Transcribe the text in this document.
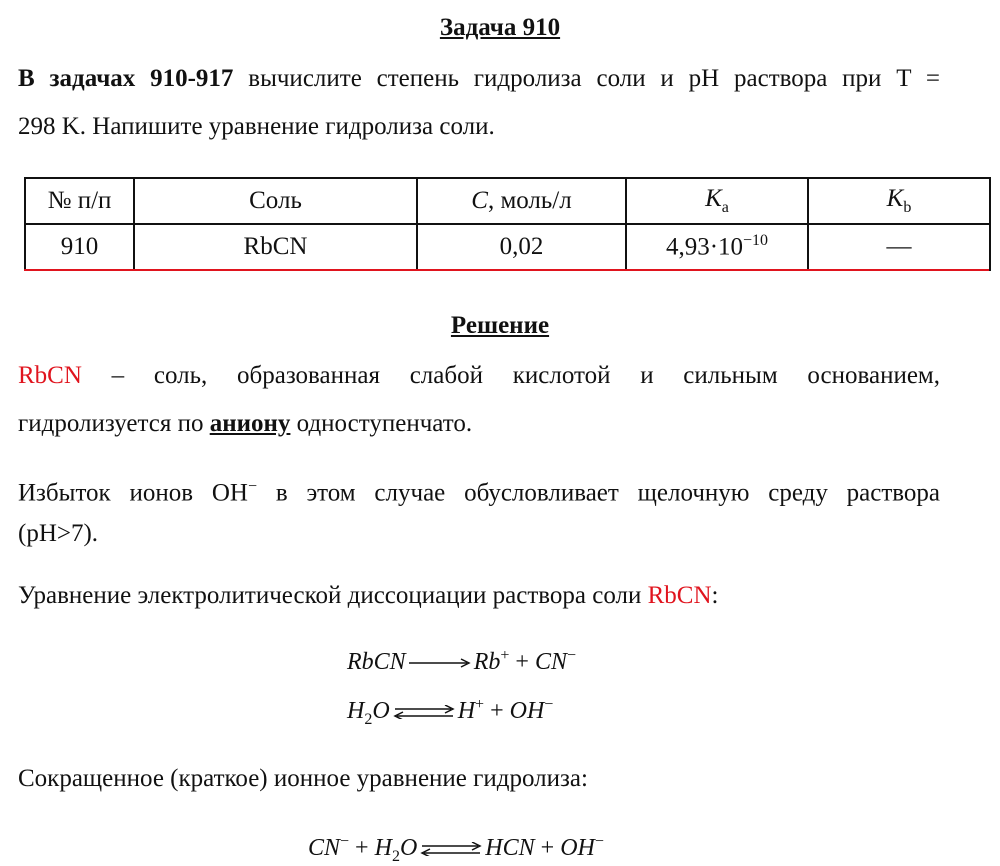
Задача 910
В задачах 910-917 вычислите степень гидролиза соли и pH раствора при T =
298 K. Напишите уравнение гидролиза соли.
№ п/п	Соль	C, моль/л	$K_a$	$K_b$
910	RbCN	0,02	$4,93\cdot 10^{-10}$	—
Решение
RbCN – соль, образованная слабой кислотой и сильным основанием,
гидролизуется по аниону одноступенчато.
Избыток ионов OH− в этом случае обусловливает щелочную среду раствора
(pH>7).
Уравнение электролитической диссоциации раствора соли RbCN:
RbCN	Rb+ + CN−
$H_2O$ ⇌ H+ + OH−
Сокращенное (краткое) ионное уравнение гидролиза:
$CN^- + H_2O$ ⇌ HCN + OH−
